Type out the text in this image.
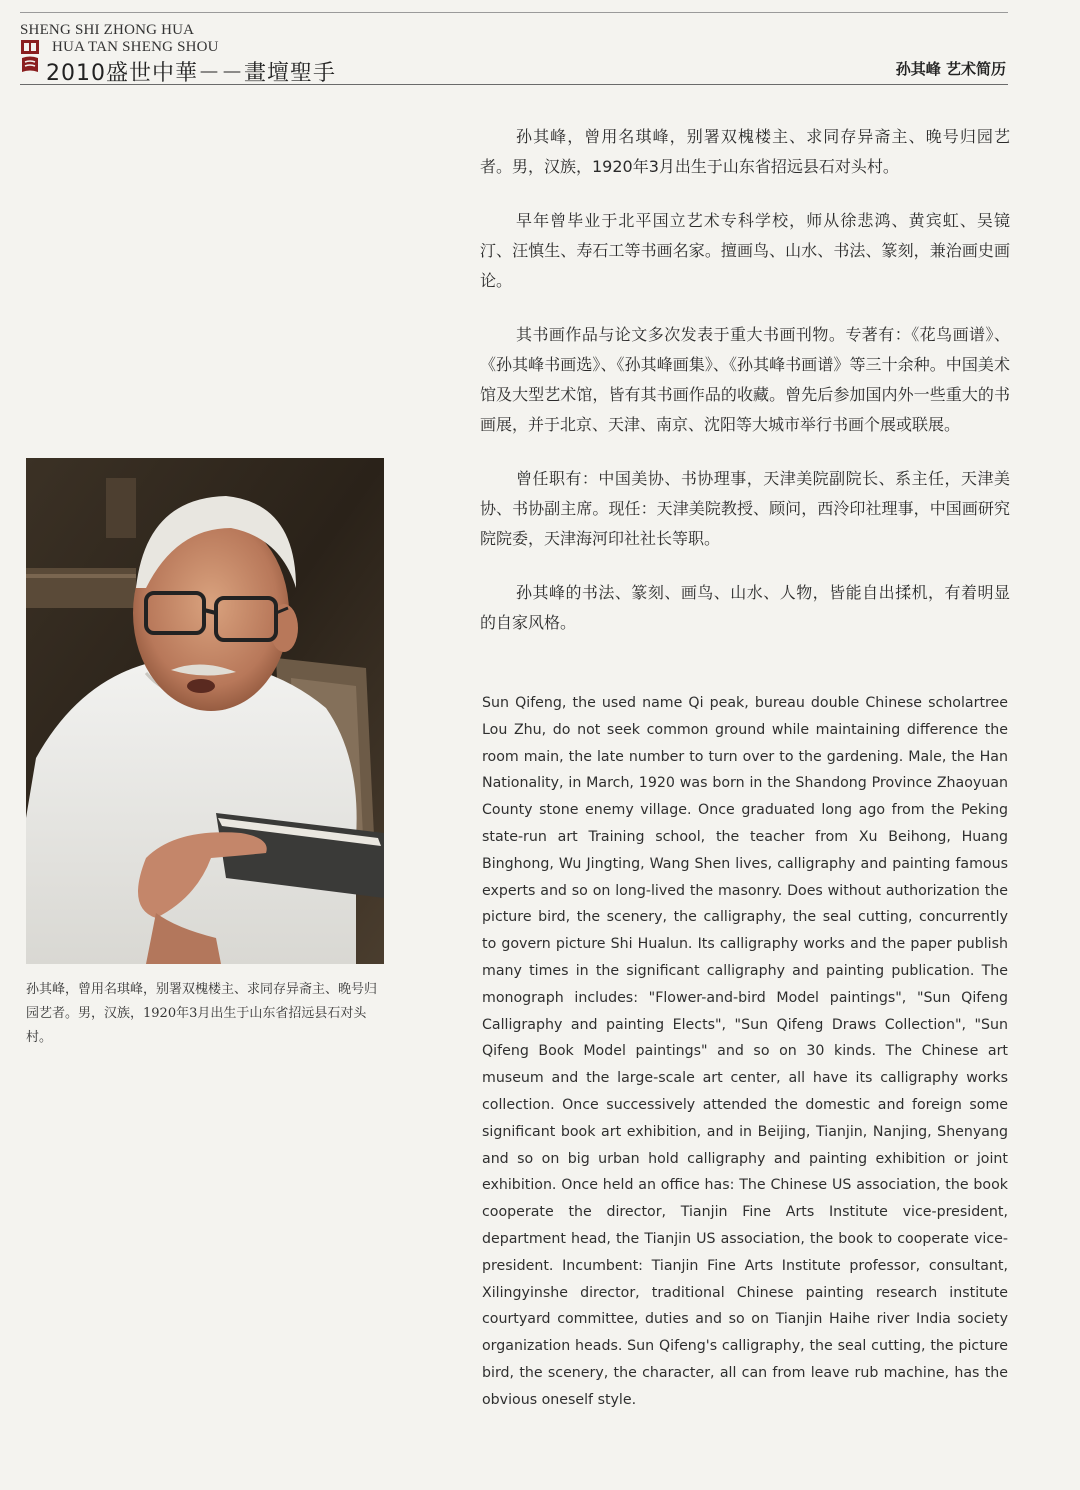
SHENG SHI ZHONG HUA
HUA TAN SHENG SHOU
2010盛世中華－－畫壇聖手	孙其峰 艺术简历

孙其峰，曾用名琪峰，别署双槐楼主、求同存异斋主、晚号归园艺者。男，汉族，1920年3月出生于山东省招远县石对头村。

早年曾毕业于北平国立艺术专科学校，师从徐悲鸿、黄宾虹、吴镜汀、汪慎生、寿石工等书画名家。擅画鸟、山水、书法、篆刻，兼治画史画论。

其书画作品与论文多次发表于重大书画刊物。专著有：《花鸟画谱》、《孙其峰书画选》、《孙其峰画集》、《孙其峰书画谱》等三十余种。中国美术馆及大型艺术馆，皆有其书画作品的收藏。曾先后参加国内外一些重大的书画展，并于北京、天津、南京、沈阳等大城市举行书画个展或联展。

曾任职有：中国美协、书协理事，天津美院副院长、系主任，天津美协、书协副主席。现任：天津美院教授、顾问，西泠印社理事，中国画研究院院委，天津海河印社社长等职。

孙其峰的书法、篆刻、画鸟、山水、人物，皆能自出揉机，有着明显的自家风格。

孙其峰，曾用名琪峰，别署双槐楼主、求同存异斋主、晚号归园艺者。男，汉族，1920年3月出生于山东省招远县石对头村。
Sun Qifeng, the used name Qi peak, bureau double Chinese scholartree Lou Zhu, do not seek common ground while maintaining difference the room main, the late number to turn over to the gardening. Male, the Han Nationality, in March, 1920 was born in the Shandong Province Zhaoyuan County stone enemy village. Once graduated long ago from the Peking state-run art Training school, the teacher from Xu Beihong, Huang Binghong, Wu Jingting, Wang Shen lives, calligraphy and painting famous experts and so on long-lived the masonry. Does without authorization the picture bird, the scenery, the calligraphy, the seal cutting, concurrently to govern picture Shi Hualun. Its calligraphy works and the paper publish many times in the significant calligraphy and painting publication. The monograph includes: "Flower-and-bird Model paintings", "Sun Qifeng Calligraphy and painting Elects", "Sun Qifeng Draws Collection", "Sun Qifeng Book Model paintings" and so on 30 kinds. The Chinese art museum and the large-scale art center, all have its calligraphy works collection. Once successively attended the domestic and foreign some significant book art exhibition, and in Beijing, Tianjin, Nanjing, Shenyang and so on big urban hold calligraphy and painting exhibition or joint exhibition. Once held an office has: The Chinese US association, the book cooperate the director, Tianjin Fine Arts Institute vice-president, department head, the Tianjin US association, the book to cooperate vice-president. Incumbent: Tianjin Fine Arts Institute professor, consultant, Xilingyinshe director, traditional Chinese painting research institute courtyard committee, duties and so on Tianjin Haihe river India society organization heads. Sun Qifeng's calligraphy, the seal cutting, the picture bird, the scenery, the character, all can from leave rub machine, has the obvious oneself style.
